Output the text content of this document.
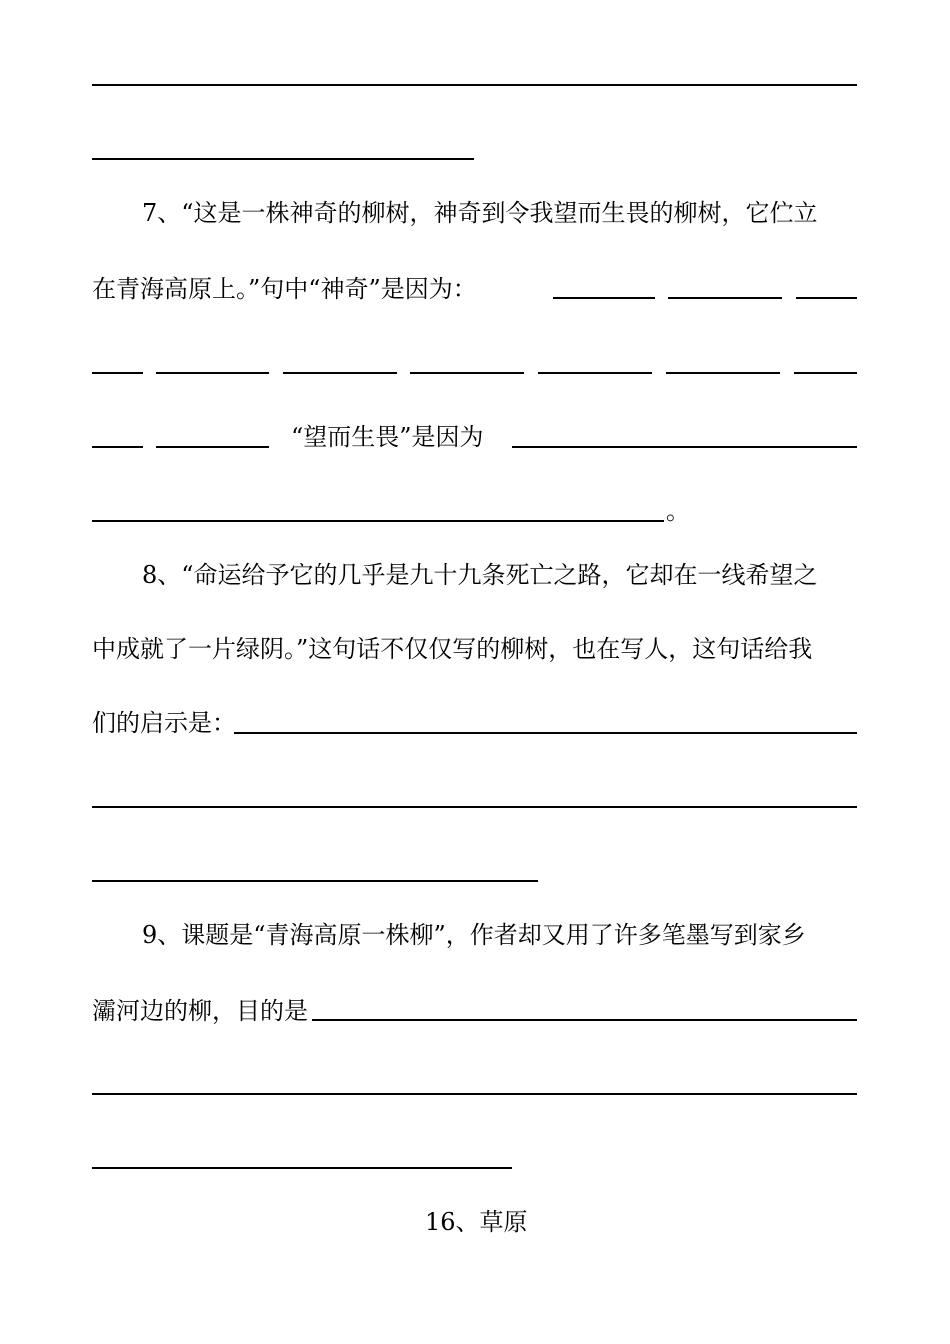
7、“这是一株神奇的柳树，神奇到令我望而生畏的柳树，它伫立
在青海高原上。”句中“神奇”是因为：
“望而生畏”是因为
。
8、“命运给予它的几乎是九十九条死亡之路，它却在一线希望之
中成就了一片绿阴。”这句话不仅仅写的柳树，也在写人，这句话给我
们的启示是：
9、课题是“青海高原一株柳”，作者却又用了许多笔墨写到家乡
灞河边的柳，目的是
16、草原
